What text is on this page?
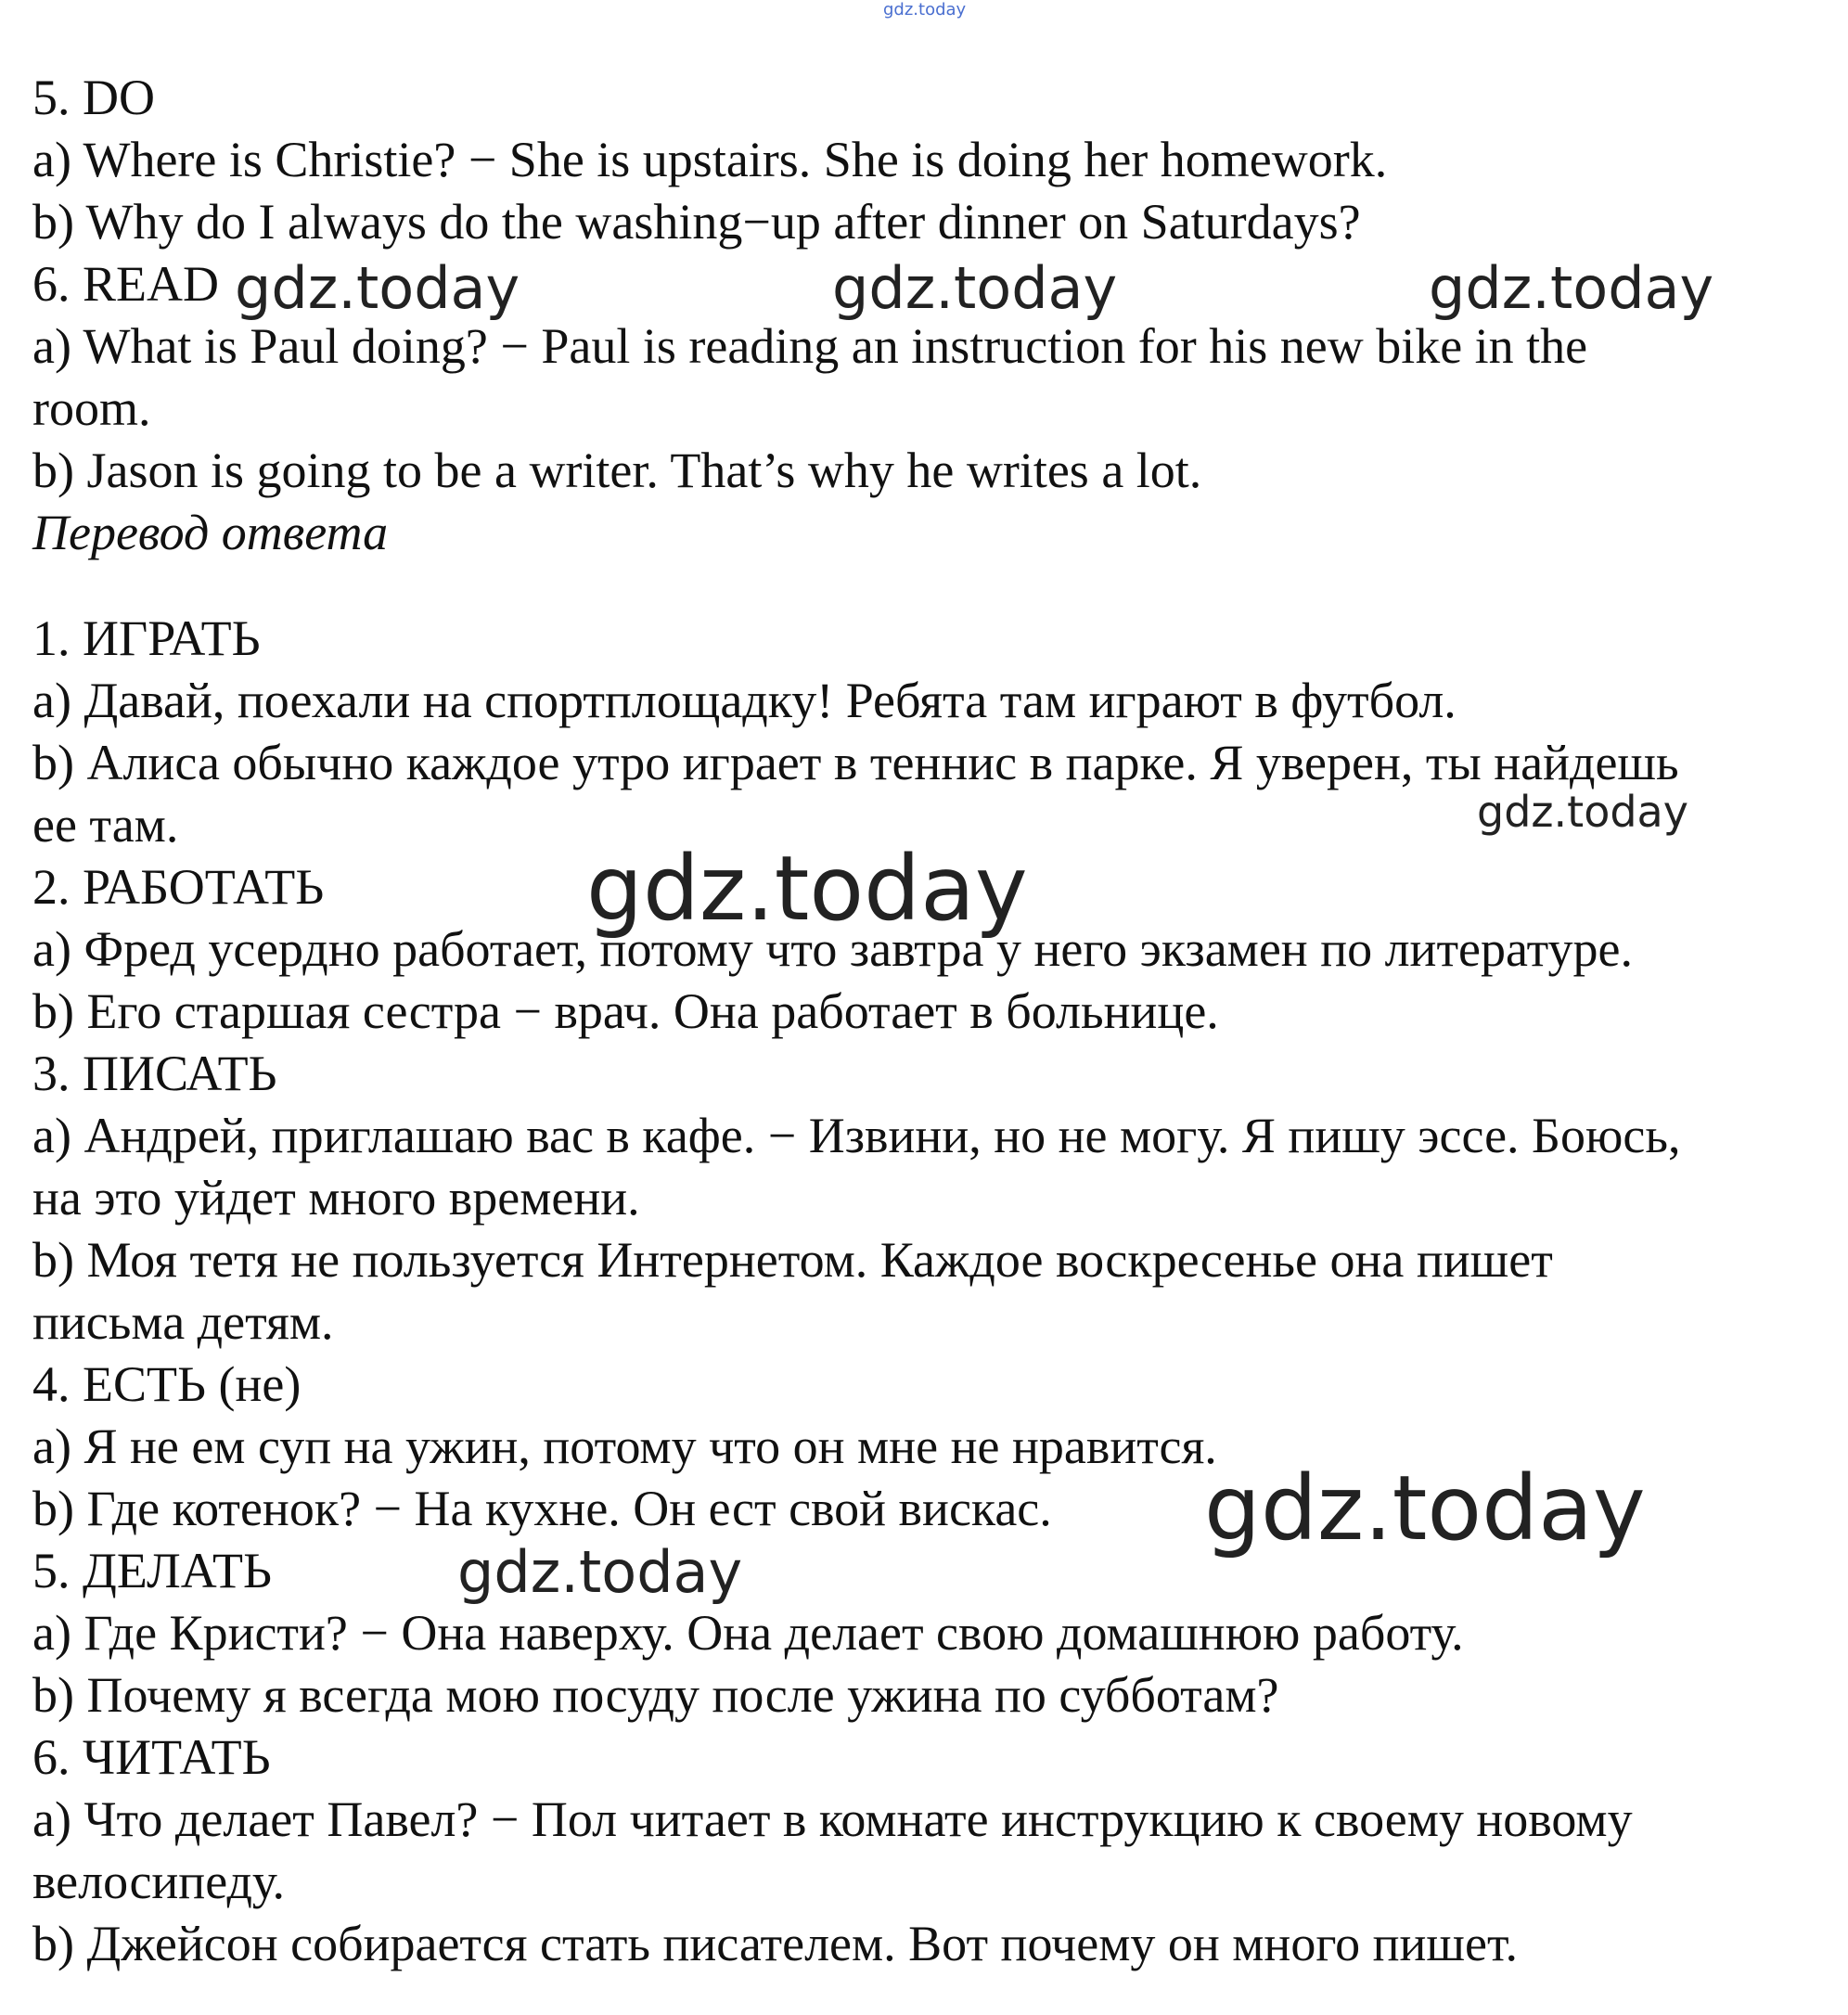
5. DO
a) Where is Christie? − She is upstairs. She is doing her homework.
b) Why do I always do the washing−up after dinner on Saturdays?
6. READ
a) What is Paul doing? − Paul is reading an instruction for his new bike in the
room.
b) Jason is going to be a writer. That’s why he writes a lot.
Перевод ответа
1. ИГРАТЬ
a) Давай, поехали на спортплощадку! Ребята там играют в футбол.
b) Алиса обычно каждое утро играет в теннис в парке. Я уверен, ты найдешь
ее там.
2. РАБОТАТЬ
a) Фред усердно работает, потому что завтра у него экзамен по литературе.
b) Его старшая сестра − врач. Она работает в больнице.
3. ПИСАТЬ
a) Андрей, приглашаю вас в кафе. − Извини, но не могу. Я пишу эссе. Боюсь,
на это уйдет много времени.
b) Моя тетя не пользуется Интернетом. Каждое воскресенье она пишет
письма детям.
4. ЕСТЬ (не)
a) Я не ем суп на ужин, потому что он мне не нравится.
b) Где котенок? − На кухне. Он ест свой вискас.
5. ДЕЛАТЬ
a) Где Кристи? − Она наверху. Она делает свою домашнюю работу.
b) Почему я всегда мою посуду после ужина по субботам?
6. ЧИТАТЬ
a) Что делает Павел? − Пол читает в комнате инструкцию к своему новому
велосипеду.
b) Джейсон собирается стать писателем. Вот почему он много пишет.
gdz.today
gdz.today	gdz.today	gdz.today
gdz.today
gdz.today
gdz.today
gdz.today
